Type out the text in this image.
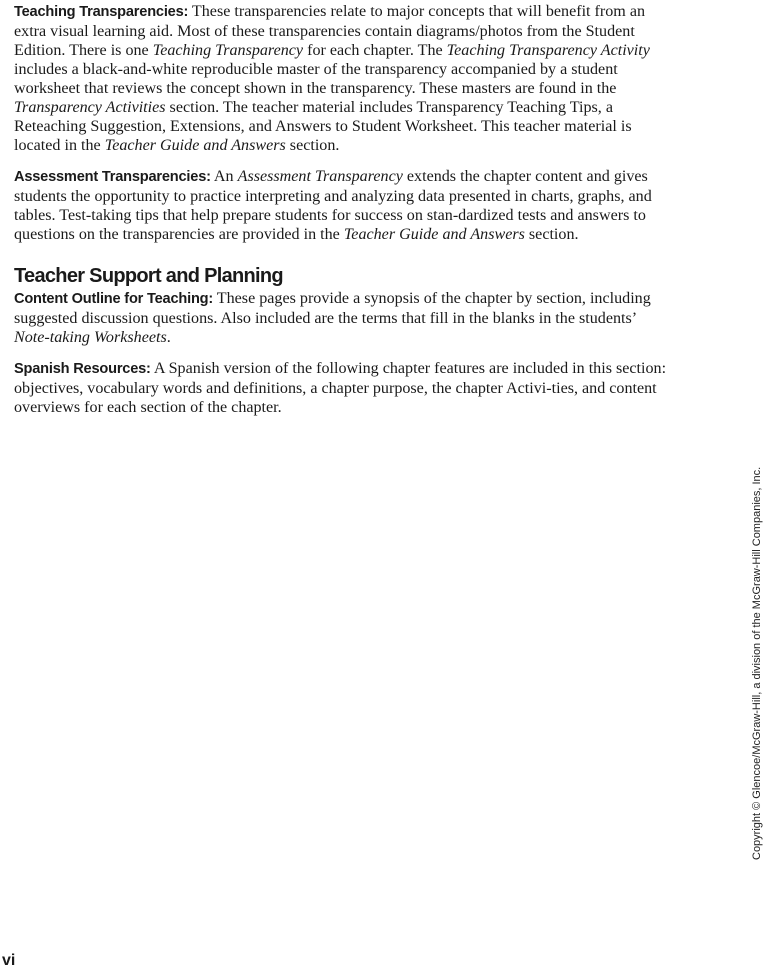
Teaching Transparencies: These transparencies relate to major concepts that will benefit from an extra visual learning aid. Most of these transparencies contain diagrams/photos from the Student Edition. There is one Teaching Transparency for each chapter. The Teaching Transparency Activity includes a black-and-white reproducible master of the transparency accompanied by a student worksheet that reviews the concept shown in the transparency. These masters are found in the Transparency Activities section. The teacher material includes Transparency Teaching Tips, a Reteaching Suggestion, Extensions, and Answers to Student Worksheet. This teacher material is located in the Teacher Guide and Answers section.

Assessment Transparencies: An Assessment Transparency extends the chapter content and gives students the opportunity to practice interpreting and analyzing data presented in charts, graphs, and tables. Test-taking tips that help prepare students for success on stan-dardized tests and answers to questions on the transparencies are provided in the Teacher Guide and Answers section.

Teacher Support and Planning

Content Outline for Teaching: These pages provide a synopsis of the chapter by section, including suggested discussion questions. Also included are the terms that fill in the blanks in the students’ Note-taking Worksheets.

Spanish Resources: A Spanish version of the following chapter features are included in this section: objectives, vocabulary words and definitions, a chapter purpose, the chapter Activi-ties, and content overviews for each section of the chapter.

Copyright © Glencoe/McGraw-Hill, a division of the McGraw-Hill Companies, Inc.
vi
